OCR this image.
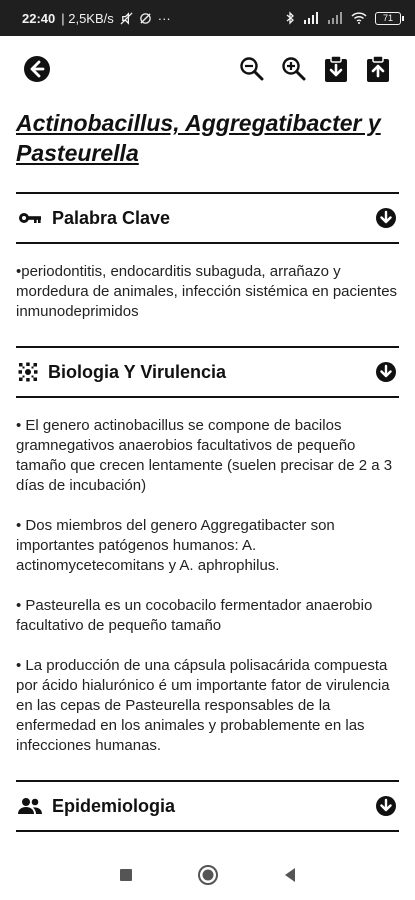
22:40 | 2,5KB/s	···	71
Actinobacillus, Aggregatibacter y Pasteurella
Palabra Clave

•periodontitis, endocarditis subaguda, arrañazo y mordedura de animales, infección sistémica en pacientes inmunodeprimidos

Biologia Y Virulencia

• El genero actinobacillus se compone de bacilos gramnegativos anaerobios facultativos de pequeño tamaño que crecen lentamente (suelen precisar de 2 a 3 días de incubación)

• Dos miembros del genero Aggregatibacter son importantes patógenos humanos: A. actinomycetecomitans y A. aphrophilus.

• Pasteurella es un cocobacilo fermentador anaerobio facultativo de pequeño tamaño

• La producción de una cápsula polisacárida compuesta por ácido hialurónico é um importante fator de virulencia en las cepas de Pasteurella responsables de la enfermedad en los animales y probablemente en las infecciones humanas.

Epidemiologia
